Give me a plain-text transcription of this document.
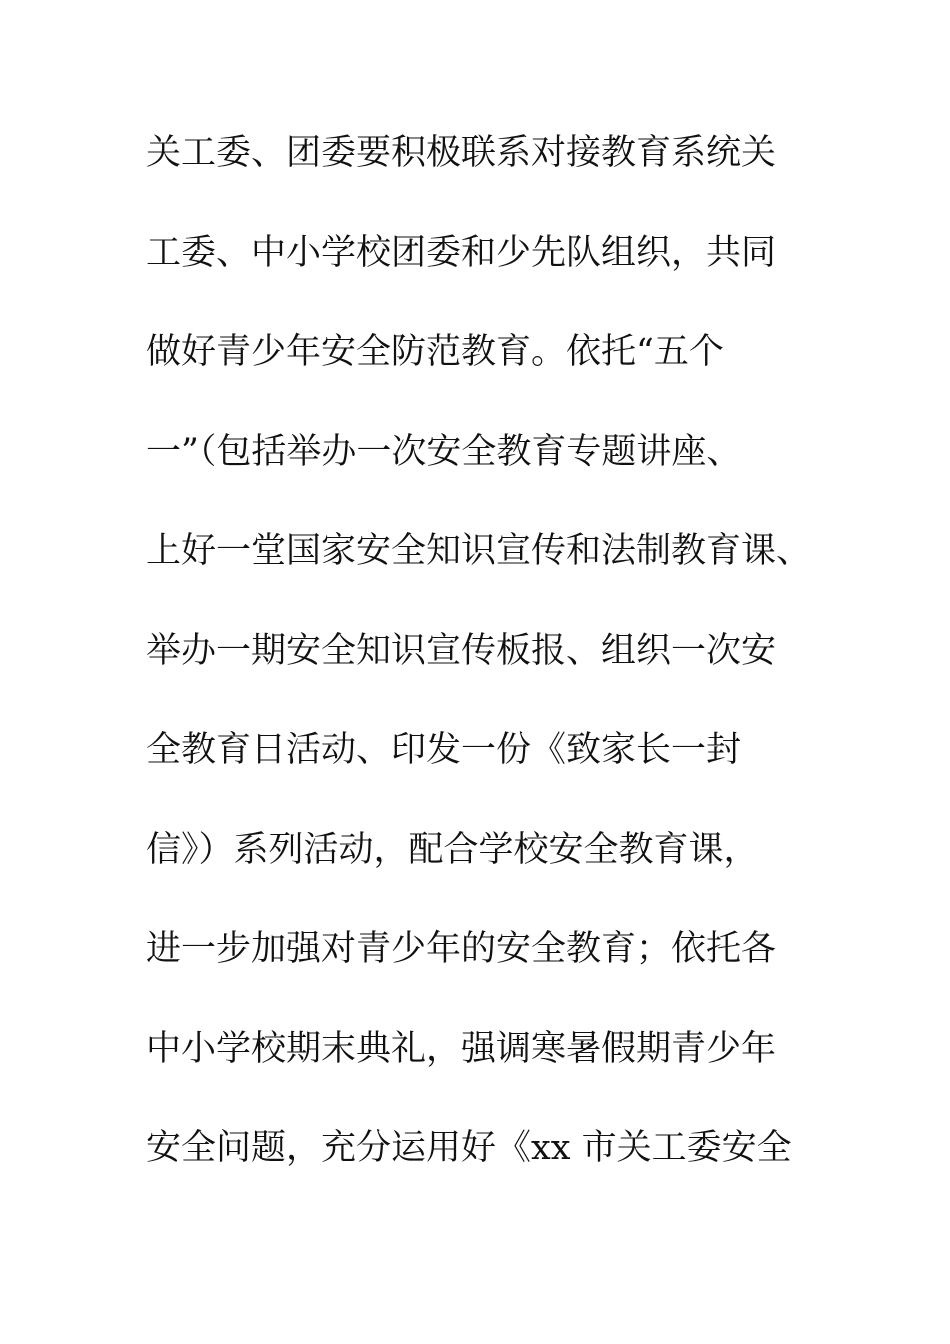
关工委、团委要积极联系对接教育系统关
工委、中小学校团委和少先队组织，共同
做好青少年安全防范教育。依托“五个
一”（包括举办一次安全教育专题讲座、
上好一堂国家安全知识宣传和法制教育课、
举办一期安全知识宣传板报、组织一次安
全教育日活动、印发一份《致家长一封
信》）系列活动，配合学校安全教育课，
进一步加强对青少年的安全教育；依托各
中小学校期末典礼，强调寒暑假期青少年
安全问题，充分运用好《xx 市关工委安全
